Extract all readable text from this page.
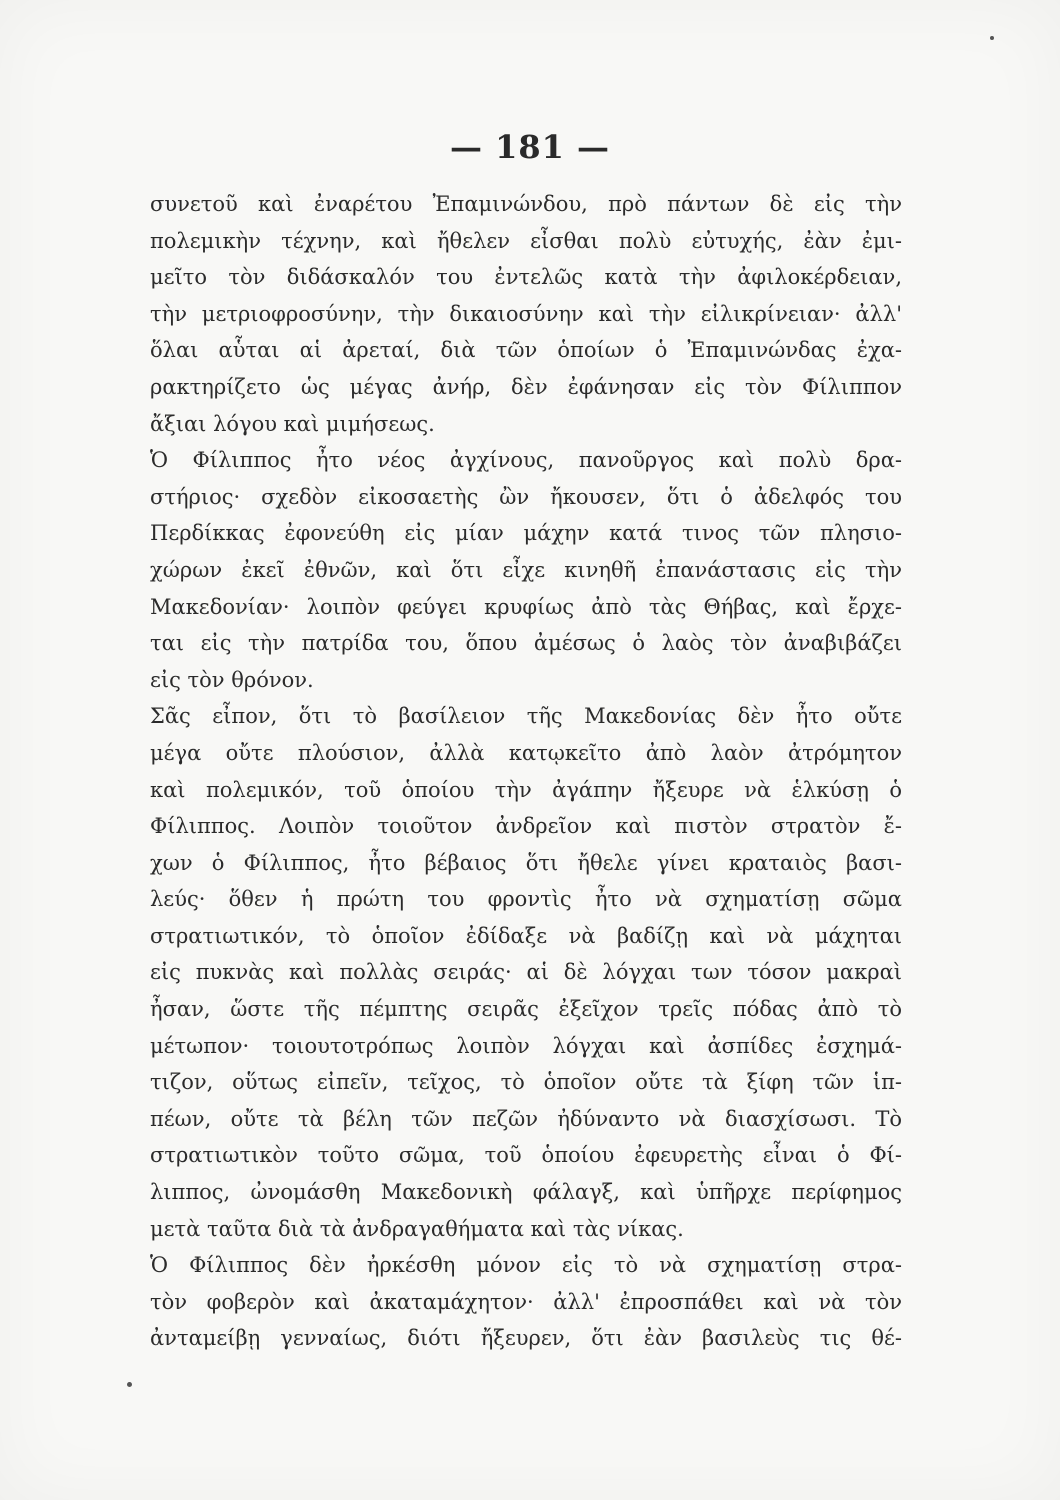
— 181 —
συνετοῦ καὶ ἐναρέτου Ἐπαμινώνδου, πρὸ πάντων δὲ εἰς τὴν
πολεμικὴν τέχνην, καὶ ἤθελεν εἶσθαι πολὺ εὐτυχής, ἐὰν ἐμι-
μεῖτο τὸν διδάσκαλόν του ἐντελῶς κατὰ τὴν ἀφιλοκέρδειαν,
τὴν μετριοφροσύνην, τὴν δικαιοσύνην καὶ τὴν εἰλικρίνειαν· ἀλλ'
ὅλαι αὗται αἱ ἀρεταί, διὰ τῶν ὁποίων ὁ Ἐπαμινώνδας ἐχα-
ρακτηρίζετο ὡς μέγας ἀνήρ, δὲν ἐφάνησαν εἰς τὸν Φίλιππον
ἄξιαι λόγου καὶ μιμήσεως.
Ὁ Φίλιππος ἦτο νέος ἀγχίνους, πανοῦργος καὶ πολὺ δρα-
στήριος· σχεδὸν εἰκοσαετὴς ὢν ἤκουσεν, ὅτι ὁ ἀδελφός του
Περδίκκας ἐφονεύθη εἰς μίαν μάχην κατά τινος τῶν πλησιο-
χώρων ἐκεῖ ἐθνῶν, καὶ ὅτι εἶχε κινηθῆ ἐπανάστασις εἰς τὴν
Μακεδονίαν· λοιπὸν φεύγει κρυφίως ἀπὸ τὰς Θήβας, καὶ ἔρχε-
ται εἰς τὴν πατρίδα του, ὅπου ἀμέσως ὁ λαὸς τὸν ἀναβιβάζει
εἰς τὸν θρόνον.
Σᾶς εἶπον, ὅτι τὸ βασίλειον τῆς Μακεδονίας δὲν ἦτο οὔτε
μέγα οὔτε πλούσιον, ἀλλὰ κατῳκεῖτο ἀπὸ λαὸν ἀτρόμητον
καὶ πολεμικόν, τοῦ ὁποίου τὴν ἀγάπην ἤξευρε νὰ ἑλκύσῃ ὁ
Φίλιππος. Λοιπὸν τοιοῦτον ἀνδρεῖον καὶ πιστὸν στρατὸν ἔ-
χων ὁ Φίλιππος, ἦτο βέβαιος ὅτι ἤθελε γίνει κραταιὸς βασι-
λεύς· ὅθεν ἡ πρώτη του φροντὶς ἦτο νὰ σχηματίσῃ σῶμα
στρατιωτικόν, τὸ ὁποῖον ἐδίδαξε νὰ βαδίζῃ καὶ νὰ μάχηται
εἰς πυκνὰς καὶ πολλὰς σειράς· αἱ δὲ λόγχαι των τόσον μακραὶ
ἦσαν, ὥστε τῆς πέμπτης σειρᾶς ἐξεῖχον τρεῖς πόδας ἀπὸ τὸ
μέτωπον· τοιουτοτρόπως λοιπὸν λόγχαι καὶ ἀσπίδες ἐσχημά-
τιζον, οὕτως εἰπεῖν, τεῖχος, τὸ ὁποῖον οὔτε τὰ ξίφη τῶν ἱπ-
πέων, οὔτε τὰ βέλη τῶν πεζῶν ἠδύναντο νὰ διασχίσωσι. Τὸ
στρατιωτικὸν τοῦτο σῶμα, τοῦ ὁποίου ἐφευρετὴς εἶναι ὁ Φί-
λιππος, ὠνομάσθη Μακεδονικὴ φάλαγξ, καὶ ὑπῆρχε περίφημος
μετὰ ταῦτα διὰ τὰ ἀνδραγαθήματα καὶ τὰς νίκας.
Ὁ Φίλιππος δὲν ἠρκέσθη μόνον εἰς τὸ νὰ σχηματίσῃ στρα-
τὸν φοβερὸν καὶ ἀκαταμάχητον· ἀλλ' ἐπροσπάθει καὶ νὰ τὸν
ἀνταμείβῃ γενναίως, διότι ἤξευρεν, ὅτι ἐὰν βασιλεὺς τις θέ-
